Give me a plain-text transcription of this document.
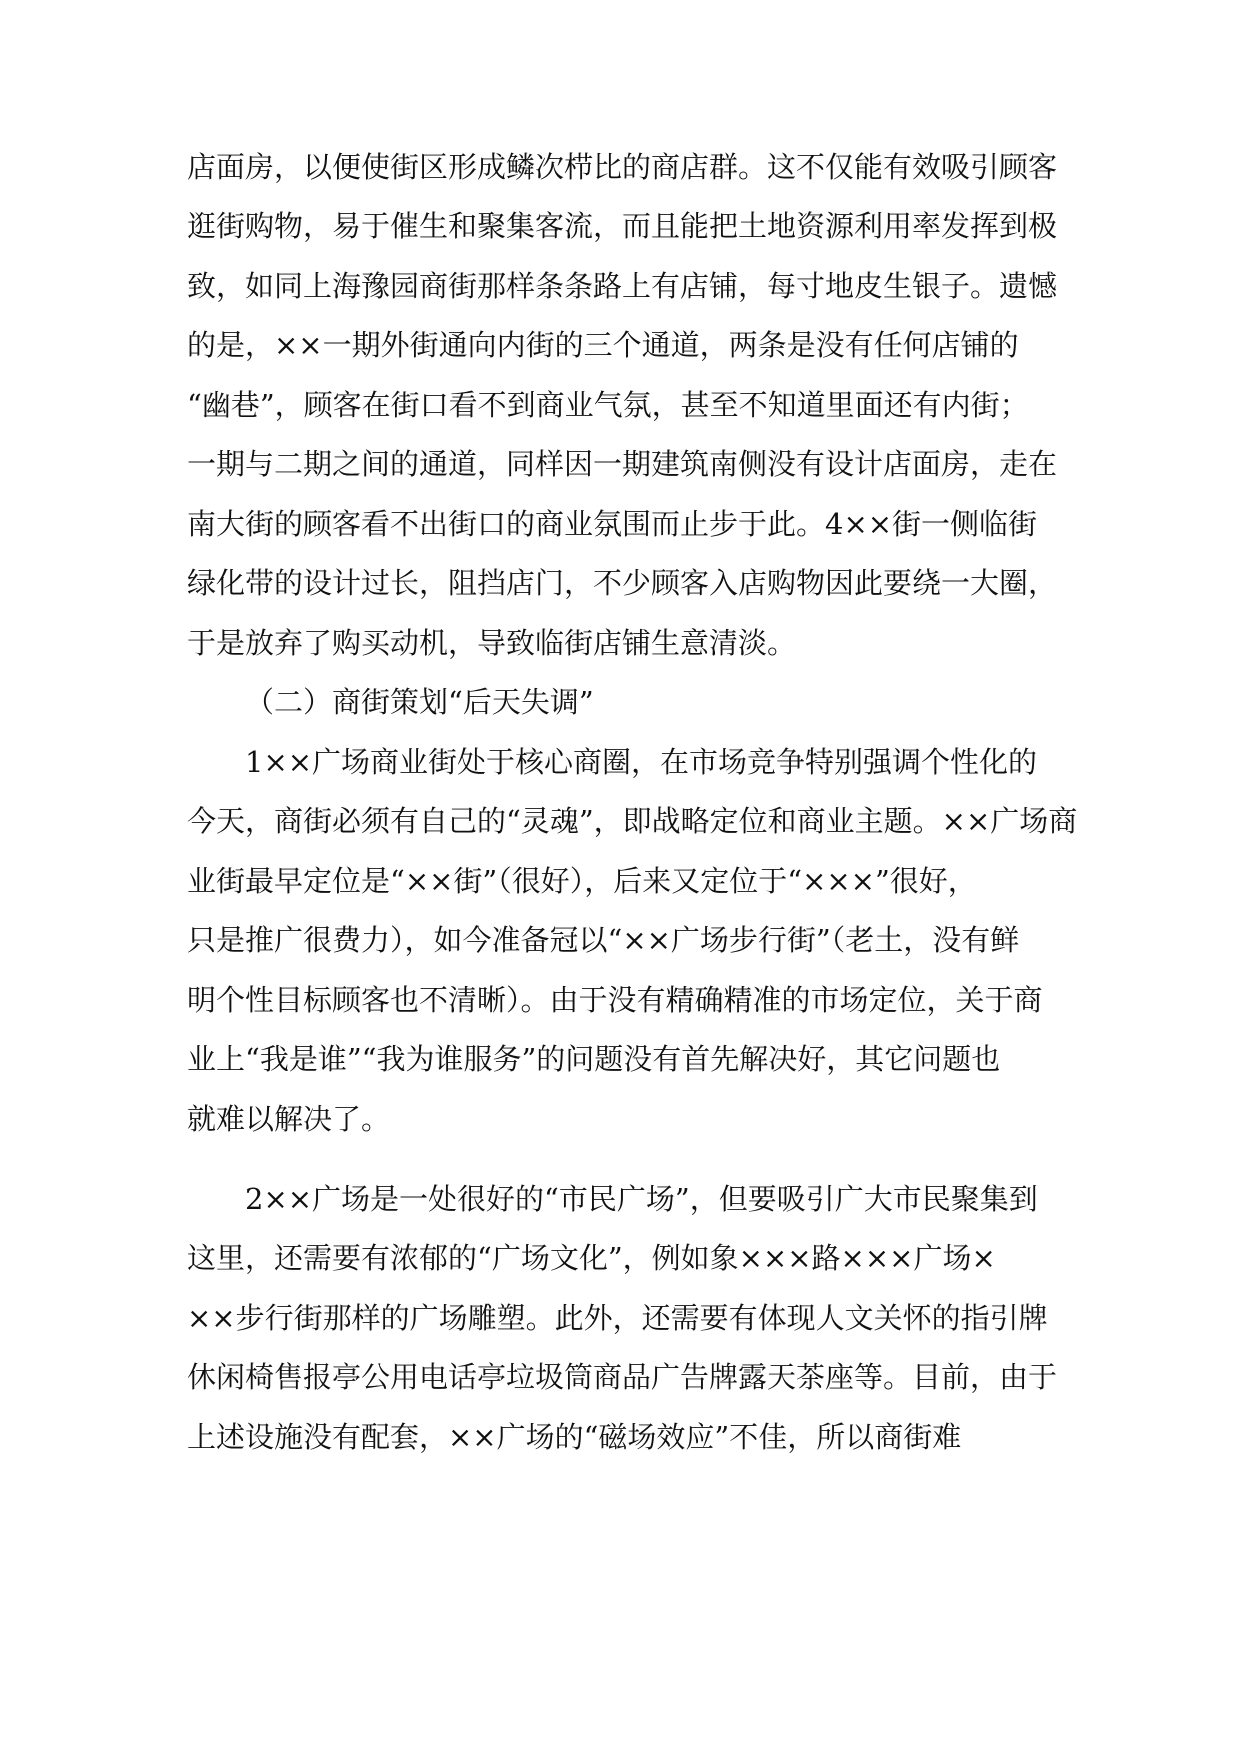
店面房，以便使街区形成鳞次栉比的商店群。这不仅能有效吸引顾客

逛街购物，易于催生和聚集客流，而且能把土地资源利用率发挥到极

致，如同上海豫园商街那样条条路上有店铺，每寸地皮生银子。遗憾

的是，××一期外街通向内街的三个通道，两条是没有任何店铺的

“幽巷”，顾客在街口看不到商业气氛，甚至不知道里面还有内街；

一期与二期之间的通道，同样因一期建筑南侧没有设计店面房，走在

南大街的顾客看不出街口的商业氛围而止步于此。4××街一侧临街

绿化带的设计过长，阻挡店门，不少顾客入店购物因此要绕一大圈，

于是放弃了购买动机，导致临街店铺生意清淡。

（二）商街策划“后天失调”

1××广场商业街处于核心商圈，在市场竞争特别强调个性化的

今天，商街必须有自己的“灵魂”，即战略定位和商业主题。××广场商

业街最早定位是“××街”（很好），后来又定位于“×××”很好，

只是推广很费力），如今准备冠以“××广场步行街”（老土，没有鲜

明个性目标顾客也不清晰）。由于没有精确精准的市场定位，关于商

业上“我是谁”“我为谁服务”的问题没有首先解决好，其它问题也

就难以解决了。

2××广场是一处很好的“市民广场”，但要吸引广大市民聚集到

这里，还需要有浓郁的“广场文化”，例如象×××路×××广场×

××步行街那样的广场雕塑。此外，还需要有体现人文关怀的指引牌

休闲椅售报亭公用电话亭垃圾筒商品广告牌露天茶座等。目前，由于

上述设施没有配套，××广场的“磁场效应”不佳，所以商街难
